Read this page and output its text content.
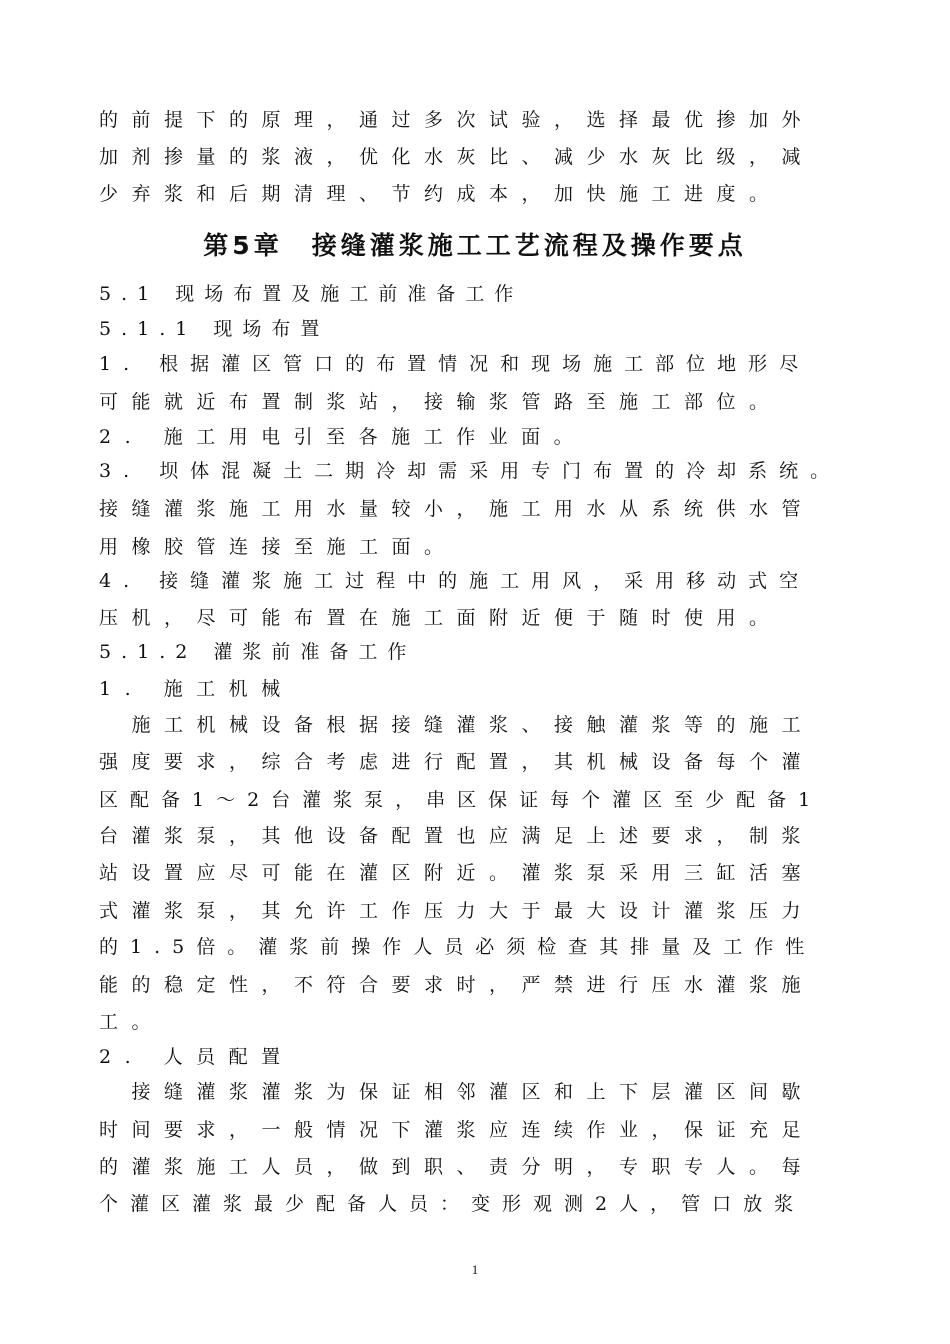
的前提下的原理，通过多次试验，选择最优掺加外
加剂掺量的浆液，优化水灰比、减少水灰比级，减
少弃浆和后期清理、节约成本，加快施工进度。
第5章　接缝灌浆施工工艺流程及操作要点
5.1 现场布置及施工前准备工作
5.1.1 现场布置
1. 根据灌区管口的布置情况和现场施工部位地形尽
可能就近布置制浆站，接输浆管路至施工部位。
2. 施工用电引至各施工作业面。
3. 坝体混凝土二期冷却需采用专门布置的冷却系统。
接缝灌浆施工用水量较小，施工用水从系统供水管
用橡胶管连接至施工面。
4. 接缝灌浆施工过程中的施工用风，采用移动式空
压机，尽可能布置在施工面附近便于随时使用。
5.1.2 灌浆前准备工作
1. 施工机械
　施工机械设备根据接缝灌浆、接触灌浆等的施工
强度要求，综合考虑进行配置，其机械设备每个灌
区配备1～2台灌浆泵，串区保证每个灌区至少配备1
台灌浆泵，其他设备配置也应满足上述要求，制浆
站设置应尽可能在灌区附近。灌浆泵采用三缸活塞
式灌浆泵，其允许工作压力大于最大设计灌浆压力
的1.5倍。灌浆前操作人员必须检查其排量及工作性
能的稳定性，不符合要求时，严禁进行压水灌浆施
工。
2. 人员配置
　接缝灌浆灌浆为保证相邻灌区和上下层灌区间歇
时间要求，一般情况下灌浆应连续作业，保证充足
的灌浆施工人员，做到职、责分明，专职专人。每
个灌区灌浆最少配备人员：变形观测2人，管口放浆
1
